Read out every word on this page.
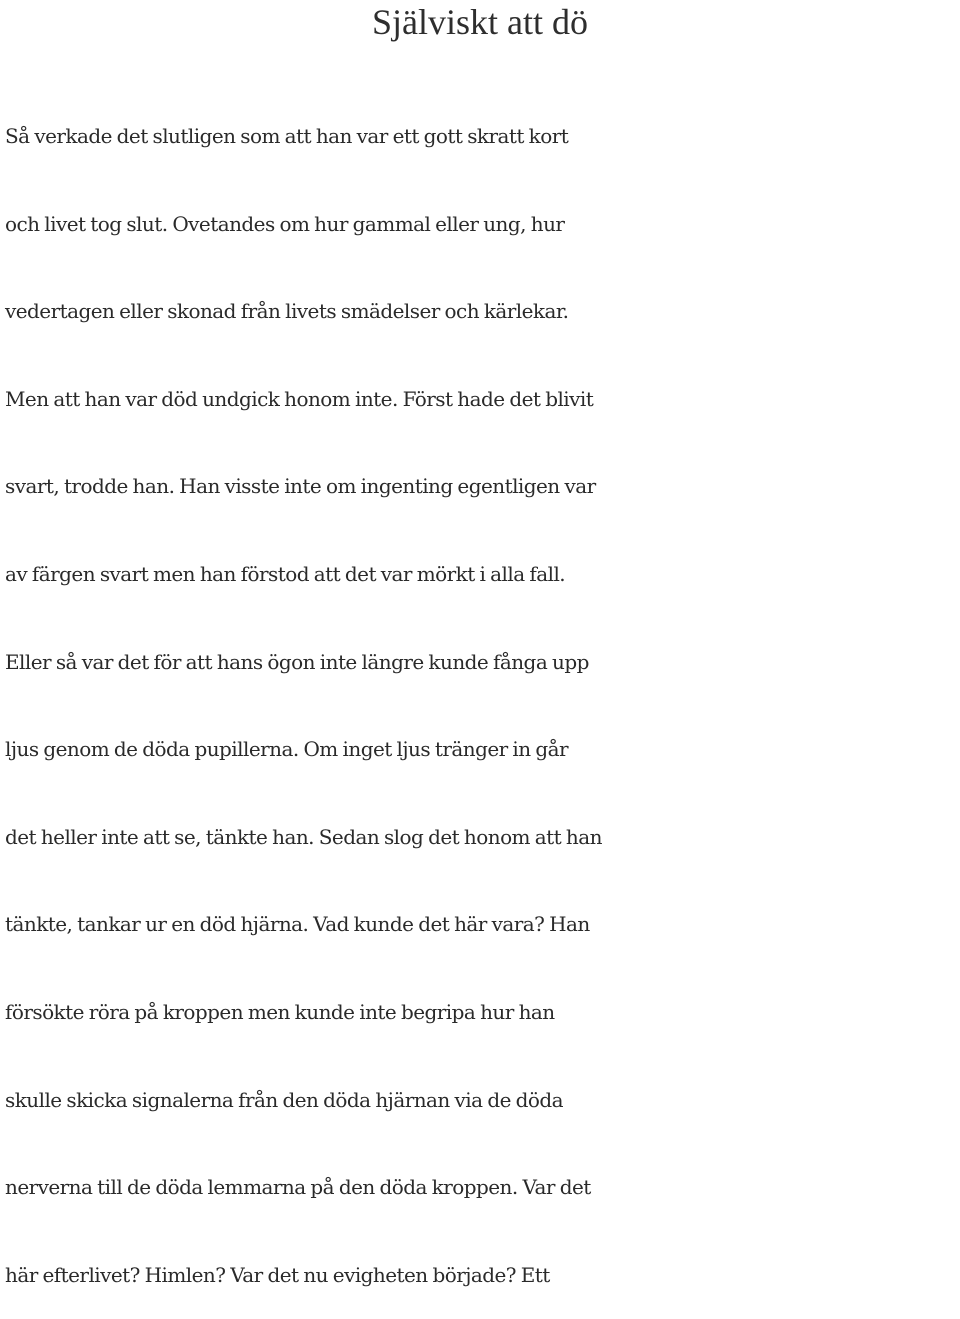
Själviskt att dö
Så verkade det slutligen som att han var ett gott skratt kort
och livet tog slut. Ovetandes om hur gammal eller ung, hur
vedertagen eller skonad från livets smädelser och kärlekar.
Men att han var död undgick honom inte. Först hade det blivit
svart, trodde han. Han visste inte om ingenting egentligen var
av färgen svart men han förstod att det var mörkt i alla fall.
Eller så var det för att hans ögon inte längre kunde fånga upp
ljus genom de döda pupillerna. Om inget ljus tränger in går
det heller inte att se, tänkte han. Sedan slog det honom att han
tänkte, tankar ur en död hjärna. Vad kunde det här vara? Han
försökte röra på kroppen men kunde inte begripa hur han
skulle skicka signalerna från den döda hjärnan via de döda
nerverna till de döda lemmarna på den döda kroppen. Var det
här efterlivet? Himlen? Var det nu evigheten började? Ett
